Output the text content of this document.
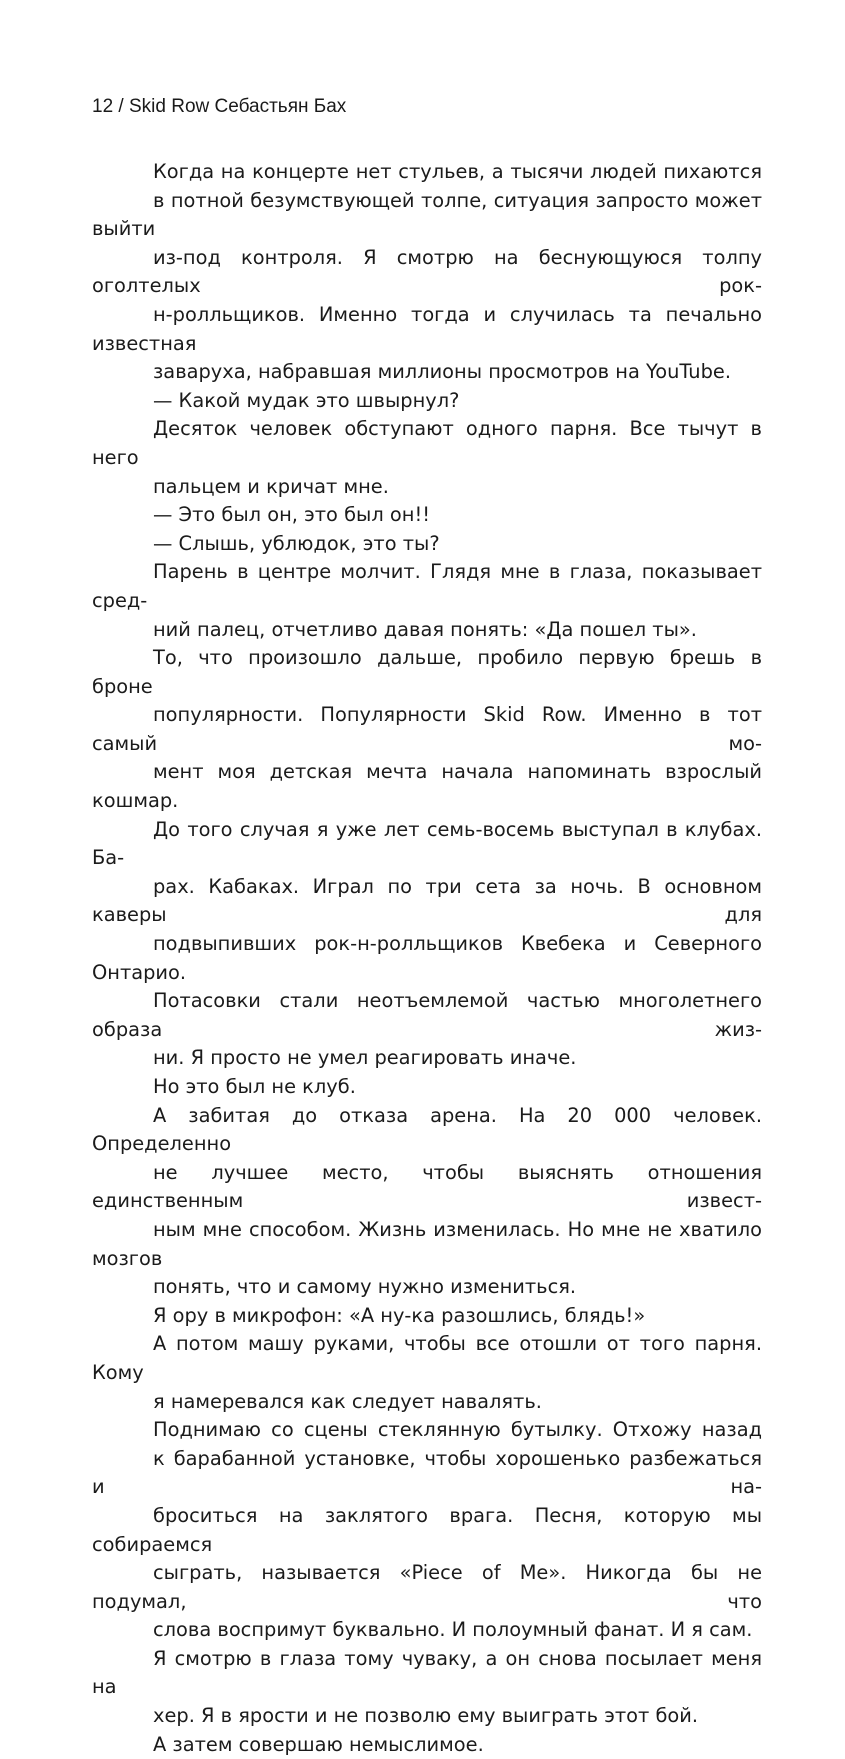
12 / Skid Row Себастьян Бах

Когда на концерте нет стульев, а тысячи людей пихаются
в потной безумствующей толпе, ситуация запросто может выйти
из-под контроля. Я смотрю на беснующуюся толпу оголтелых рок-
н-ролльщиков. Именно тогда и случилась та печально известная
заваруха, набравшая миллионы просмотров на YouTube.

— Какой мудак это швырнул?

Десяток человек обступают одного парня. Все тычут в него
пальцем и кричат мне.

— Это был он, это был он!!

— Слышь, ублюдок, это ты?

Парень в центре молчит. Глядя мне в глаза, показывает сред-
ний палец, отчетливо давая понять: «Да пошел ты».

То, что произошло дальше, пробило первую брешь в броне
популярности. Популярности Skid Row. Именно в тот самый мо-
мент моя детская мечта начала напоминать взрослый кошмар.

До того случая я уже лет семь-восемь выступал в клубах. Ба-
рах. Кабаках. Играл по три сета за ночь. В основном каверы для
подвыпивших рок-н-ролльщиков Квебека и Северного Онтарио.
Потасовки стали неотъемлемой частью многолетнего образа жиз-
ни. Я просто не умел реагировать иначе.

Но это был не клуб.

А забитая до отказа арена. На 20 000 человек. Определенно
не лучшее место, чтобы выяснять отношения единственным извест-
ным мне способом. Жизнь изменилась. Но мне не хватило мозгов
понять, что и самому нужно измениться.

Я ору в микрофон: «А ну-ка разошлись, блядь!»

А потом машу руками, чтобы все отошли от того парня. Кому
я намеревался как следует навалять.

Поднимаю со сцены стеклянную бутылку. Отхожу назад
к барабанной установке, чтобы хорошенько разбежаться и на-
броситься на заклятого врага. Песня, которую мы собираемся
сыграть, называется «Piece of Me». Никогда бы не подумал, что
слова воспримут буквально. И полоумный фанат. И я сам.

Я смотрю в глаза тому чуваку, а он снова посылает меня на
хер. Я в ярости и не позволю ему выиграть этот бой.

А затем совершаю немыслимое.
